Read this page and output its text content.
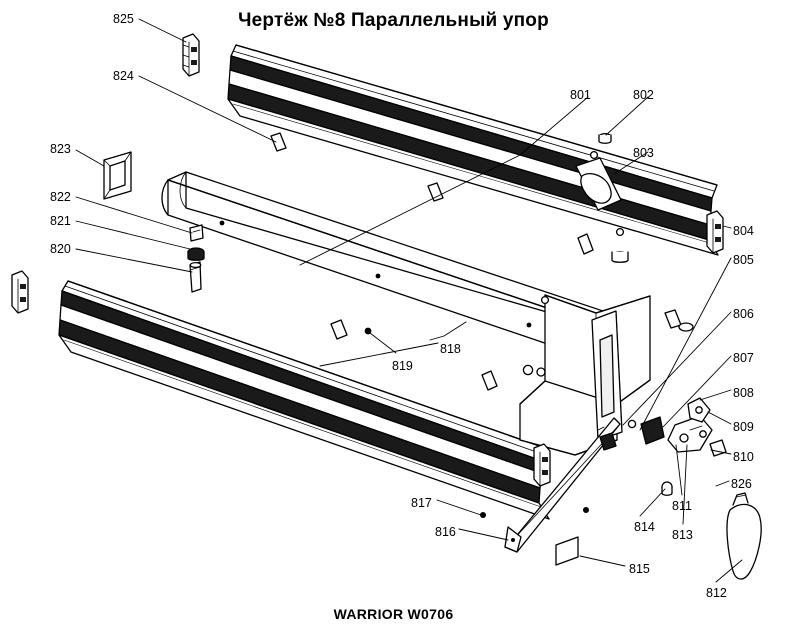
Чертёж №8 Параллельный упор
825
824
823
822
821
820
819
818
817
816
815
814
813
811
812
826
810
809
808
807
806
805
804
803
802
801
WARRIOR W0706
